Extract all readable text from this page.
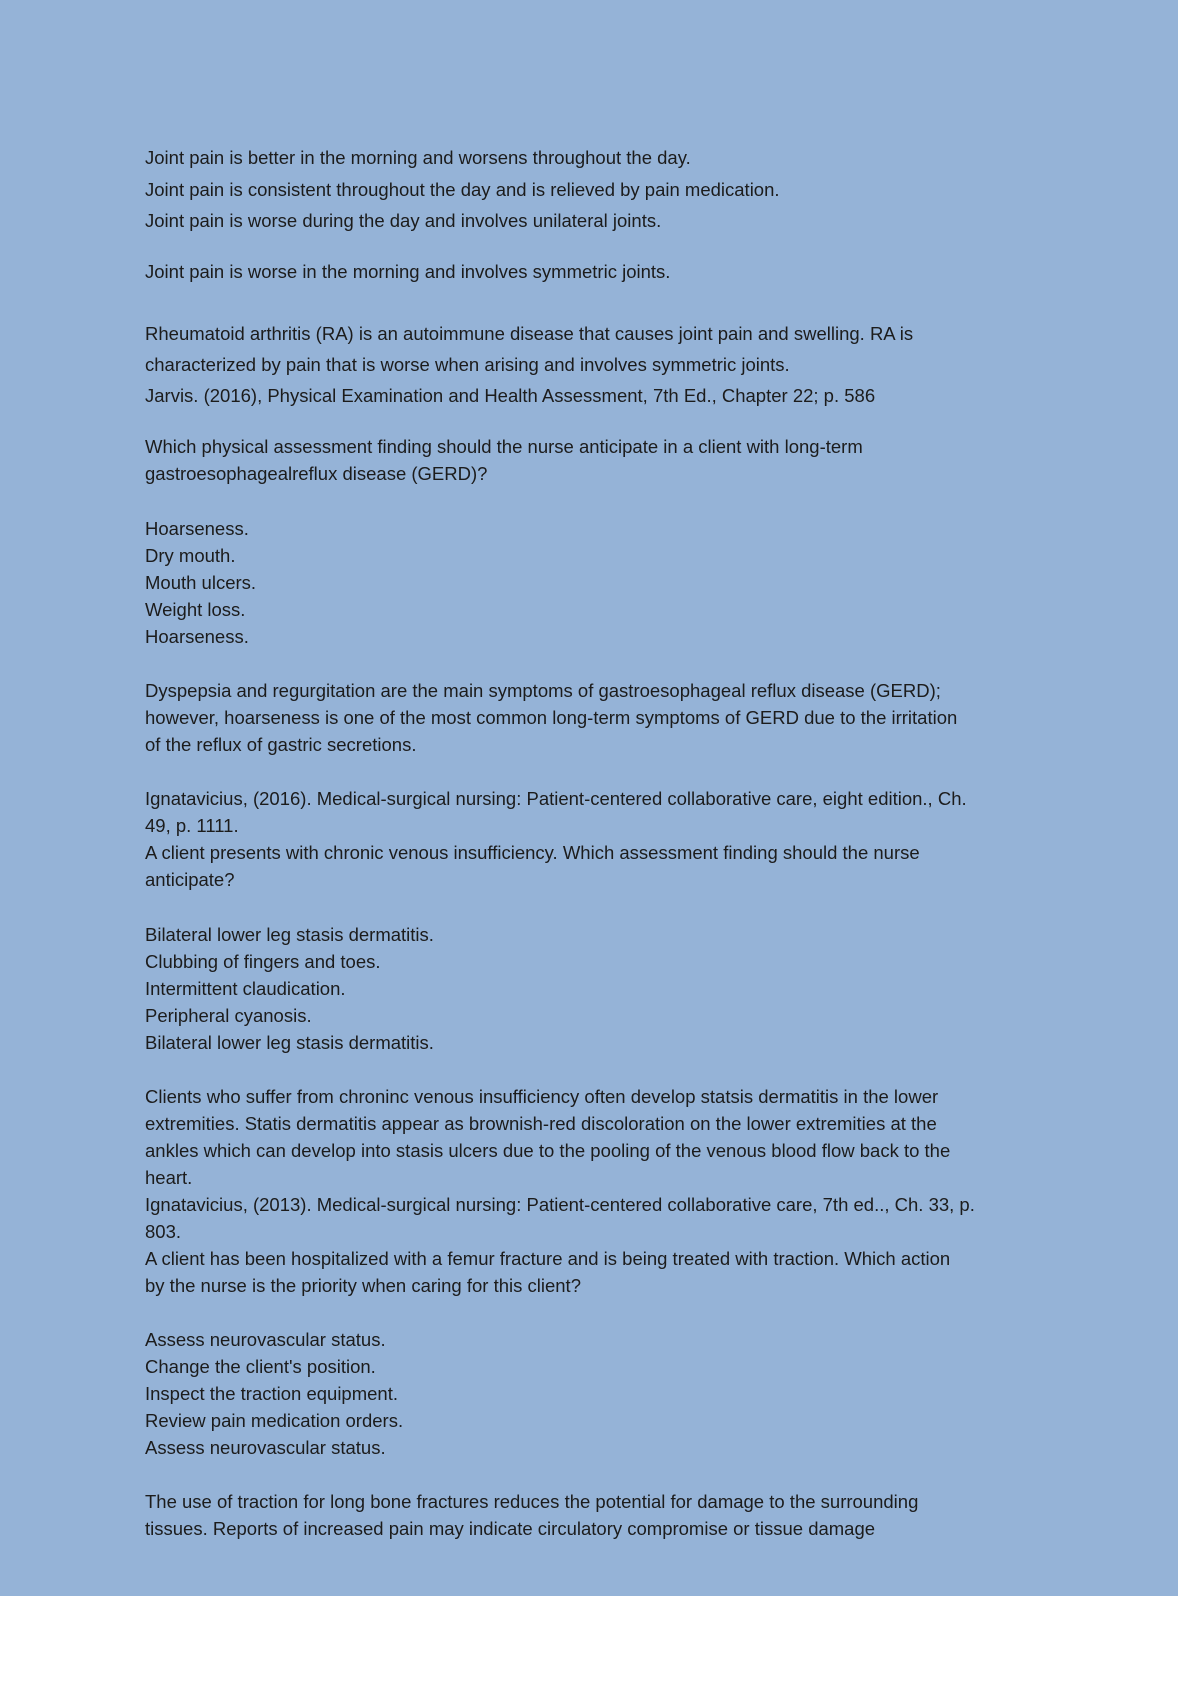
Joint pain is better in the morning and worsens throughout the day.
Joint pain is consistent throughout the day and is relieved by pain medication.
Joint pain is worse during the day and involves unilateral joints.
Joint pain is worse in the morning and involves symmetric joints.
Rheumatoid arthritis (RA) is an autoimmune disease that causes joint pain and swelling. RA is
characterized by pain that is worse when arising and involves symmetric joints.
Jarvis. (2016), Physical Examination and Health Assessment, 7th Ed., Chapter 22; p. 586
Which physical assessment finding should the nurse anticipate in a client with long-term
gastroesophagealreflux disease (GERD)?
Hoarseness.
Dry mouth.
Mouth ulcers.
Weight loss.
Hoarseness.
Dyspepsia and regurgitation are the main symptoms of gastroesophageal reflux disease (GERD);
however, hoarseness is one of the most common long-term symptoms of GERD due to the irritation
of the reflux of gastric secretions.
Ignatavicius, (2016). Medical-surgical nursing: Patient-centered collaborative care, eight edition., Ch.
49, p. 1111.
A client presents with chronic venous insufficiency. Which assessment finding should the nurse
anticipate?
Bilateral lower leg stasis dermatitis.
Clubbing of fingers and toes.
Intermittent claudication.
Peripheral cyanosis.
Bilateral lower leg stasis dermatitis.
Clients who suffer from chroninc venous insufficiency often develop statsis dermatitis in the lower
extremities. Statis dermatitis appear as brownish-red discoloration on the lower extremities at the
ankles which can develop into stasis ulcers due to the pooling of the venous blood flow back to the
heart.
Ignatavicius, (2013). Medical-surgical nursing: Patient-centered collaborative care, 7th ed.., Ch. 33, p.
803.
A client has been hospitalized with a femur fracture and is being treated with traction. Which action
by the nurse is the priority when caring for this client?
Assess neurovascular status.
Change the client's position.
Inspect the traction equipment.
Review pain medication orders.
Assess neurovascular status.
The use of traction for long bone fractures reduces the potential for damage to the surrounding
tissues. Reports of increased pain may indicate circulatory compromise or tissue damage
